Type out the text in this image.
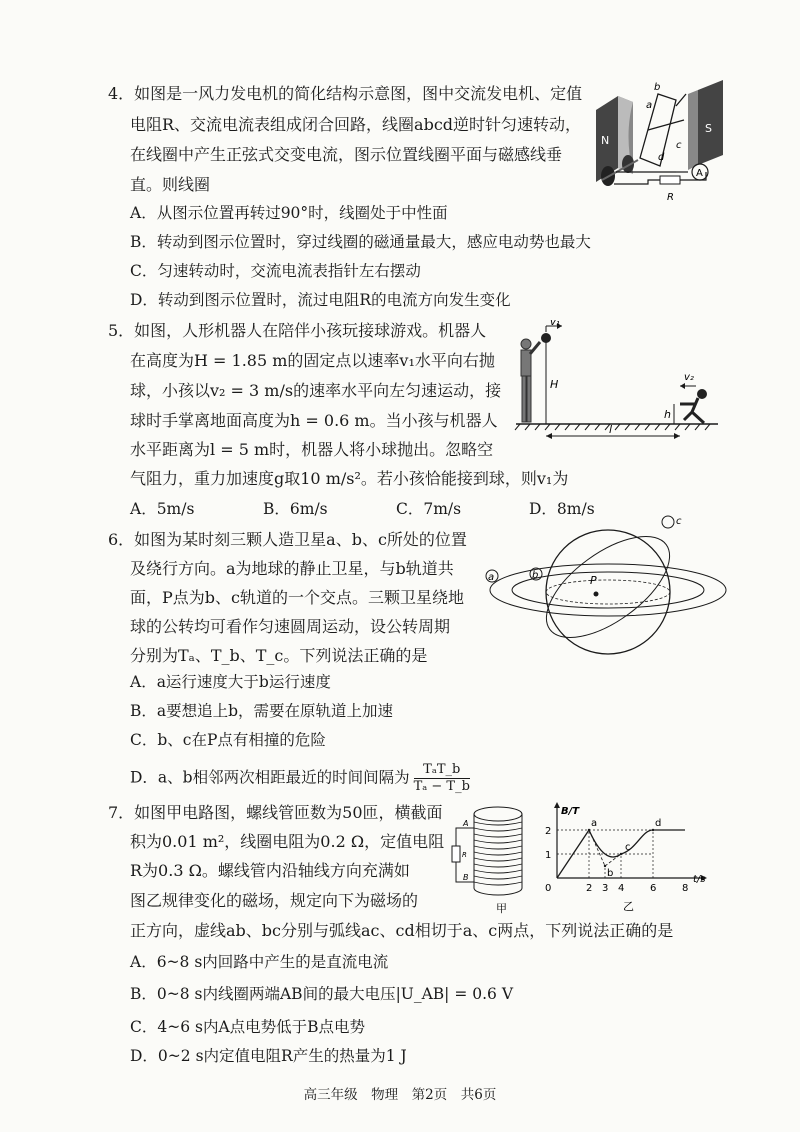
4．如图是一风力发电机的简化结构示意图，图中交流发电机、定值
电阻R、交流电流表组成闭合回路，线圈abcd逆时针匀速转动，
在线圈中产生正弦式交变电流，图示位置线圈平面与磁感线垂
直。则线圈
A．从图示位置再转过90°时，线圈处于中性面
B．转动到图示位置时，穿过线圈的磁通量最大，感应电动势也最大
C．匀速转动时，交流电流表指针左右摆动
D．转动到图示位置时，流过电阻R的电流方向发生变化
N
S
a
b
c
d
A
R
5．如图，人形机器人在陪伴小孩玩接球游戏。机器人
在高度为H = 1.85 m的固定点以速率v₁水平向右抛
球，小孩以v₂ = 3 m/s的速率水平向左匀速运动，接
球时手掌离地面高度为h = 0.6 m。当小孩与机器人
水平距离为l = 5 m时，机器人将小球抛出。忽略空
气阻力，重力加速度g取10 m/s²。若小孩恰能接到球，则v₁为
A．5m/s	B．6m/s	C．7m/s	D．8m/s
v₁
H
v₂
h
l
6．如图为某时刻三颗人造卫星a、b、c所处的位置
及绕行方向。a为地球的静止卫星，与b轨道共
面，P点为b、c轨道的一个交点。三颗卫星绕地
球的公转均可看作匀速圆周运动，设公转周期
分别为Tₐ、T_b、T_c。下列说法正确的是
A．a运行速度大于b运行速度
B．a要想追上b，需要在原轨道上加速
C．b、c在P点有相撞的危险
D．a、b相邻两次相距最近的时间间隔为 $\frac{\text{TₐT\_b}}{\text{Tₐ − T\_b}}$
P
a	b
c
7．如图甲电路图，螺线管匝数为50匝，横截面
积为0.01 m²，线圈电阻为0.2 Ω，定值电阻
R为0.3 Ω。螺线管内沿轴线方向充满如
图乙规律变化的磁场，规定向下为磁场的
正方向，虚线ab、bc分别与弧线ac、cd相切于a、c两点，下列说法正确的是
A．6~8 s内回路中产生的是直流电流
B．0~8 s内线圈两端AB间的最大电压|U_AB| = 0.6 V
C．4~6 s内A点电势低于B点电势
D．0~2 s内定值电阻R产生的热量为1 J
A
B
R
甲
t/s
B/T
0	2 3 4	6	8
1
2
a
b
c
d
乙
高三年级　物理　第2页　共6页
